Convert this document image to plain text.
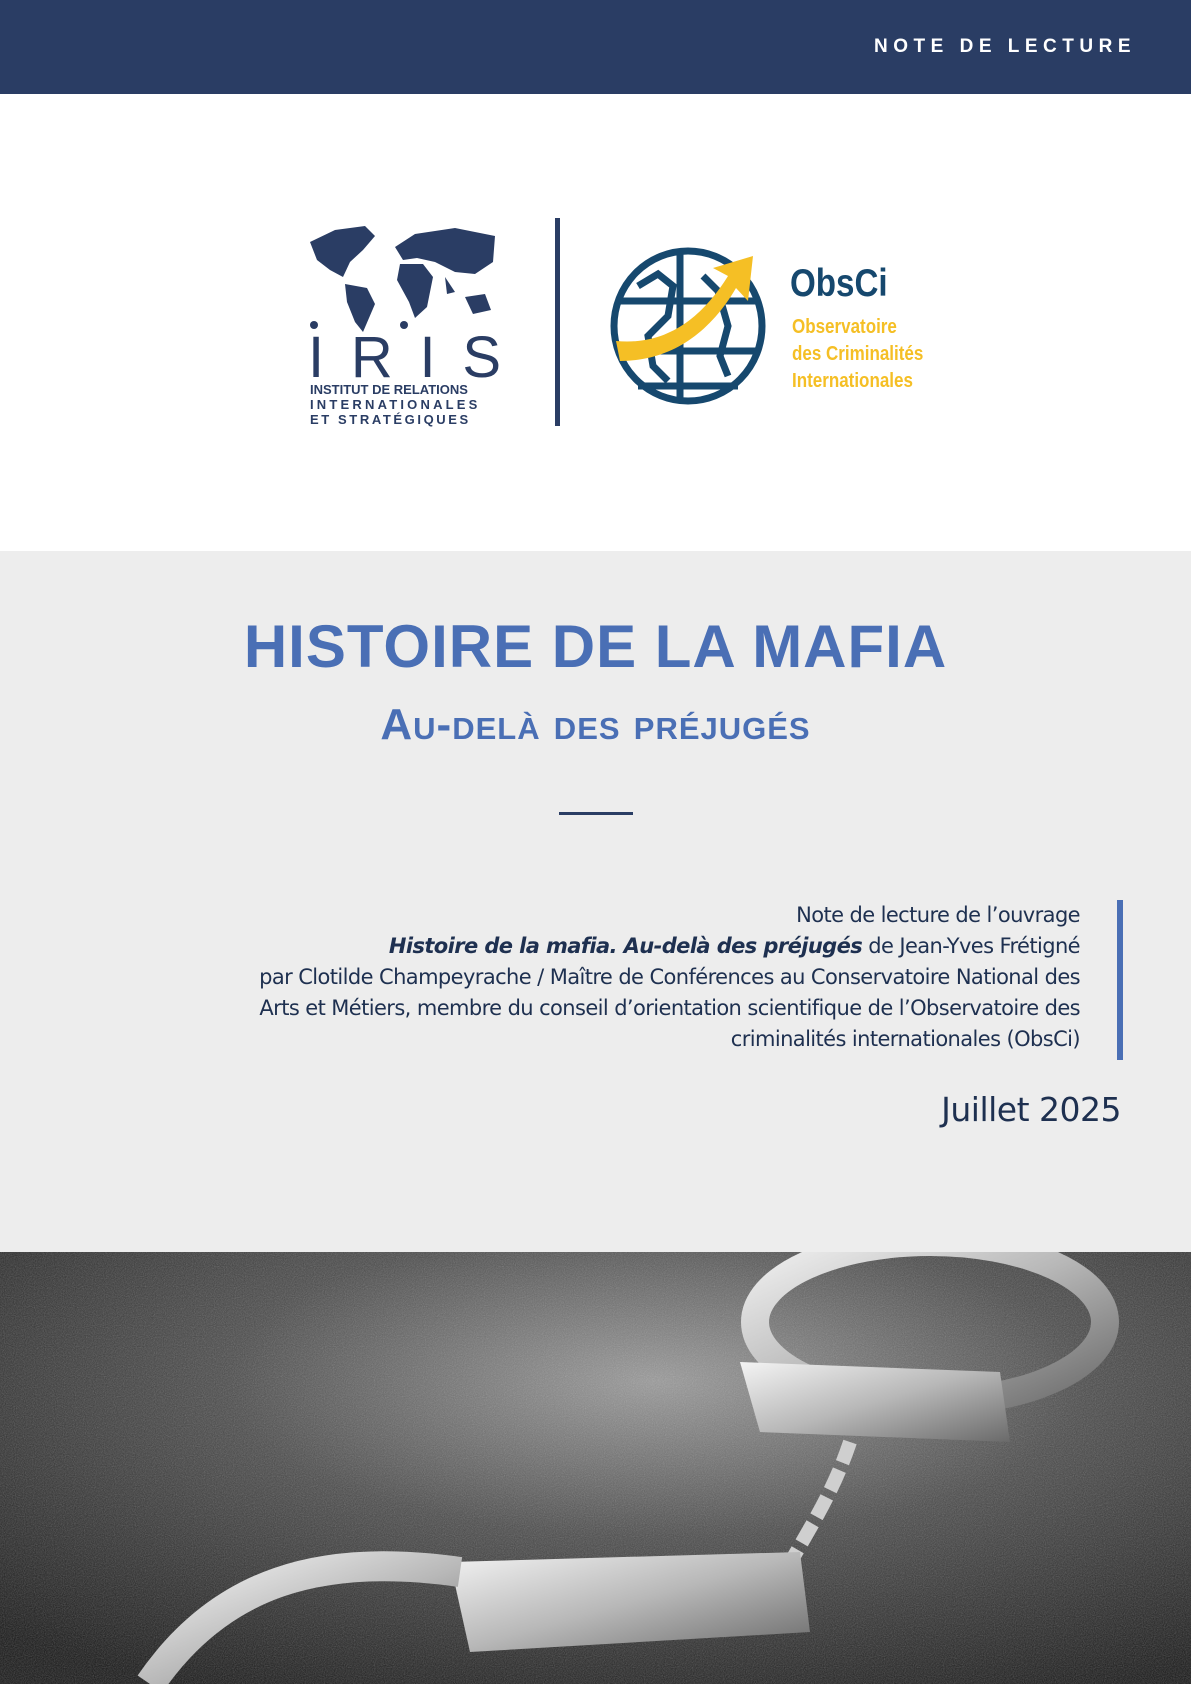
NOTE DE LECTURE
IRIS
INSTITUT DE RELATIONS
INTERNATIONALES
ET STRATÉGIQUES
ObsCi
Observatoire
des Criminalités
Internationales
HISTOIRE DE LA MAFIA
Au-delà des préjugés
Note de lecture de l’ouvrage
Histoire de la mafia. Au-delà des préjugés de Jean-Yves Frétigné
par Clotilde Champeyrache / Maître de Conférences au Conservatoire National des
Arts et Métiers, membre du conseil d’orientation scientifique de l’Observatoire des
criminalités internationales (ObsCi)
Juillet 2025
